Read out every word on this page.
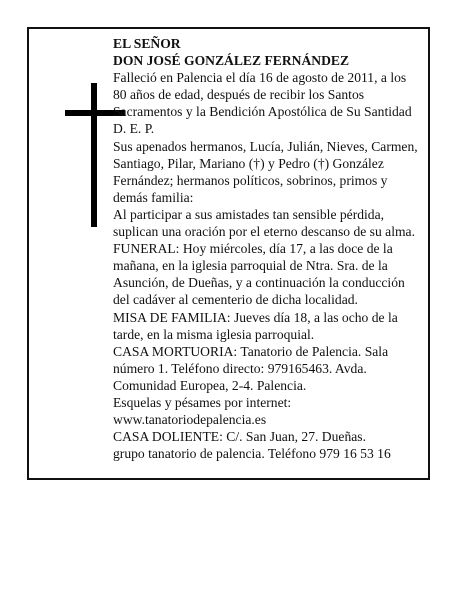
EL SEÑOR
DON JOSÉ GONZÁLEZ FERNÁNDEZ
Falleció en Palencia el día 16 de agosto de 2011, a los 80 años de edad, después de recibir los Santos Sacramentos y la Bendición Apostólica de Su Santidad
D. E. P.
Sus apenados hermanos, Lucía, Julián, Nieves, Carmen, Santiago, Pilar, Mariano (†) y Pedro (†) González Fernández; hermanos políticos, sobrinos, primos y demás familia:
Al participar a sus amistades tan sensible pérdida, suplican una oración por el eterno descanso de su alma.
FUNERAL: Hoy miércoles, día 17, a las doce de la mañana, en la iglesia parroquial de Ntra. Sra. de la Asunción, de Dueñas, y a continuación la conducción del cadáver al cementerio de dicha localidad.
MISA DE FAMILIA: Jueves día 18, a las ocho de la tarde, en la misma iglesia parroquial.
CASA MORTUORIA: Tanatorio de Palencia. Sala número 1. Teléfono directo: 979165463. Avda. Comunidad Europea, 2-4. Palencia.
Esquelas y pésames por internet:
www.tanatoriodepalencia.es
CASA DOLIENTE: C/. San Juan, 27. Dueñas.
grupo tanatorio de palencia. Teléfono 979 16 53 16
